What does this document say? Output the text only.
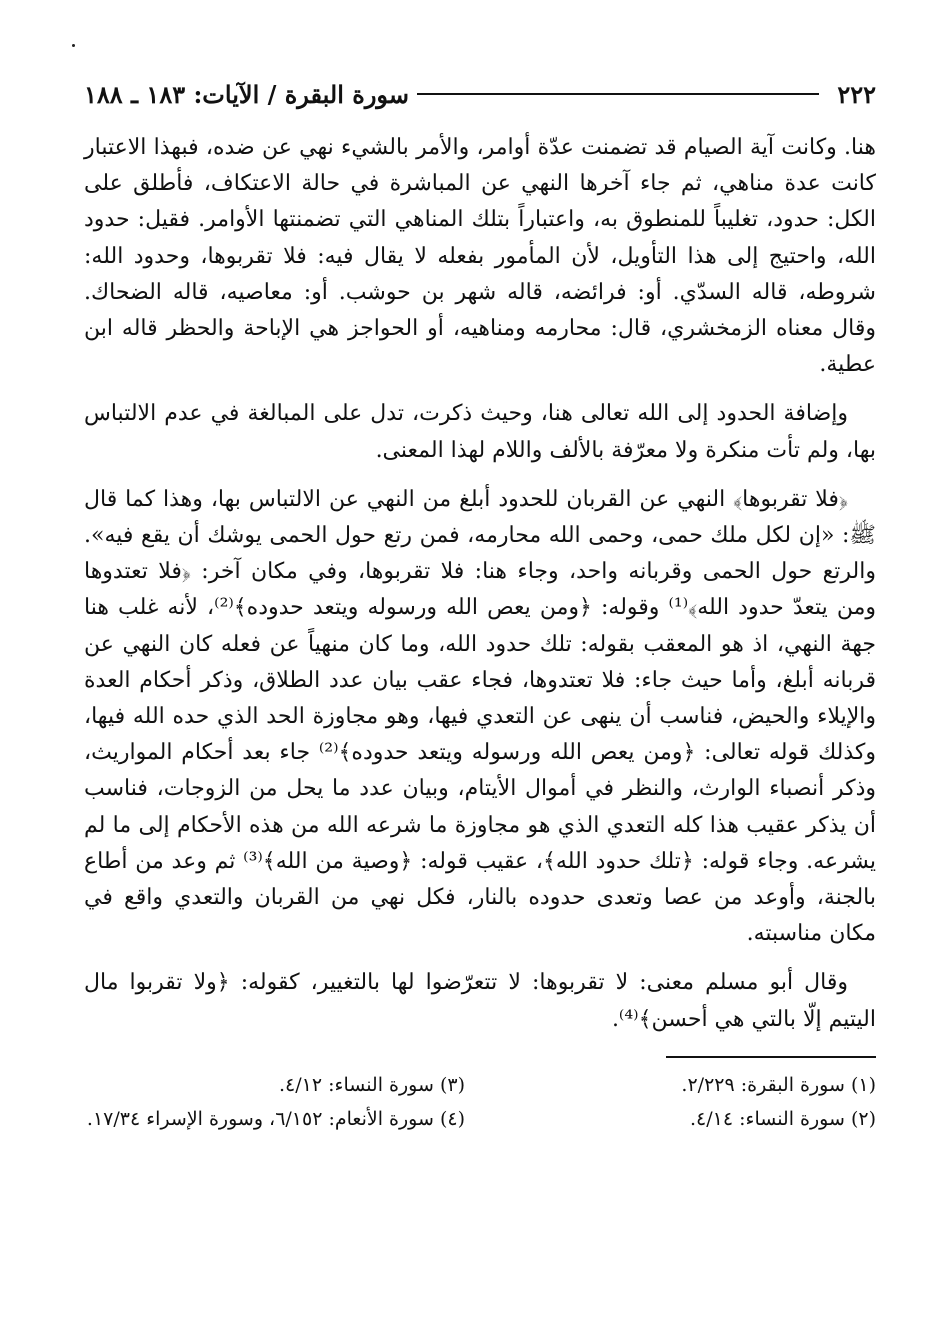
٢٢٢
سورة البقرة / الآيات: ١٨٣ ـ ١٨٨

هنا. وكانت آية الصيام قد تضمنت عدّة أوامر، والأمر بالشيء نهي عن ضده، فبهذا الاعتبار كانت عدة مناهي، ثم جاء آخرها النهي عن المباشرة في حالة الاعتكاف، فأطلق على الكل: حدود، تغليباً للمنطوق به، واعتباراً بتلك المناهي التي تضمنتها الأوامر. فقيل: حدود الله، واحتيج إلى هذا التأويل، لأن المأمور بفعله لا يقال فيه: فلا تقربوها، وحدود الله: شروطه، قاله السدّي. أو: فرائضه، قاله شهر بن حوشب. أو: معاصيه، قاله الضحاك. وقال معناه الزمخشري، قال: محارمه ومناهيه، أو الحواجز هي الإباحة والحظر قاله ابن عطية.

وإضافة الحدود إلى الله تعالى هنا، وحيث ذكرت، تدل على المبالغة في عدم الالتباس بها، ولم تأت منكرة ولا معرّفة بالألف واللام لهذا المعنى.

﴿فلا تقربوها﴾ النهي عن القربان للحدود أبلغ من النهي عن الالتباس بها، وهذا كما قال ﷺ: «إن لكل ملك حمى، وحمى الله محارمه، فمن رتع حول الحمى يوشك أن يقع فيه». والرتع حول الحمى وقربانه واحد، وجاء هنا: فلا تقربوها، وفي مكان آخر: ﴿فلا تعتدوها ومن يتعدّ حدود الله﴾⁽¹⁾ وقوله: ﴿ومن يعص الله ورسوله ويتعد حدوده﴾⁽²⁾، لأنه غلب هنا جهة النهي، اذ هو المعقب بقوله: تلك حدود الله، وما كان منهياً عن فعله كان النهي عن قربانه أبلغ، وأما حيث جاء: فلا تعتدوها، فجاء عقب بيان عدد الطلاق، وذكر أحكام العدة والإيلاء والحيض، فناسب أن ينهى عن التعدي فيها، وهو مجاوزة الحد الذي حده الله فيها، وكذلك قوله تعالى: ﴿ومن يعص الله ورسوله ويتعد حدوده﴾⁽²⁾ جاء بعد أحكام المواريث، وذكر أنصباء الوارث، والنظر في أموال الأيتام، وبيان عدد ما يحل من الزوجات، فناسب أن يذكر عقيب هذا كله التعدي الذي هو مجاوزة ما شرعه الله من هذه الأحكام إلى ما لم يشرعه. وجاء قوله: ﴿تلك حدود الله﴾، عقيب قوله: ﴿وصية من الله﴾⁽³⁾ ثم وعد من أطاع بالجنة، وأوعد من عصا وتعدى حدوده بالنار، فكل نهي من القربان والتعدي واقع في مكان مناسبته.

وقال أبو مسلم معنى: لا تقربوها: لا تتعرّضوا لها بالتغيير، كقوله: ﴿ولا تقربوا مال اليتيم إلّا بالتي هي أحسن﴾⁽⁴⁾.

(١) سورة البقرة: ٢/٢٢٩.
(٣) سورة النساء: ٤/١٢.
(٢) سورة النساء: ٤/١٤.
(٤) سورة الأنعام: ٦/١٥٢، وسورة الإسراء ١٧/٣٤.
